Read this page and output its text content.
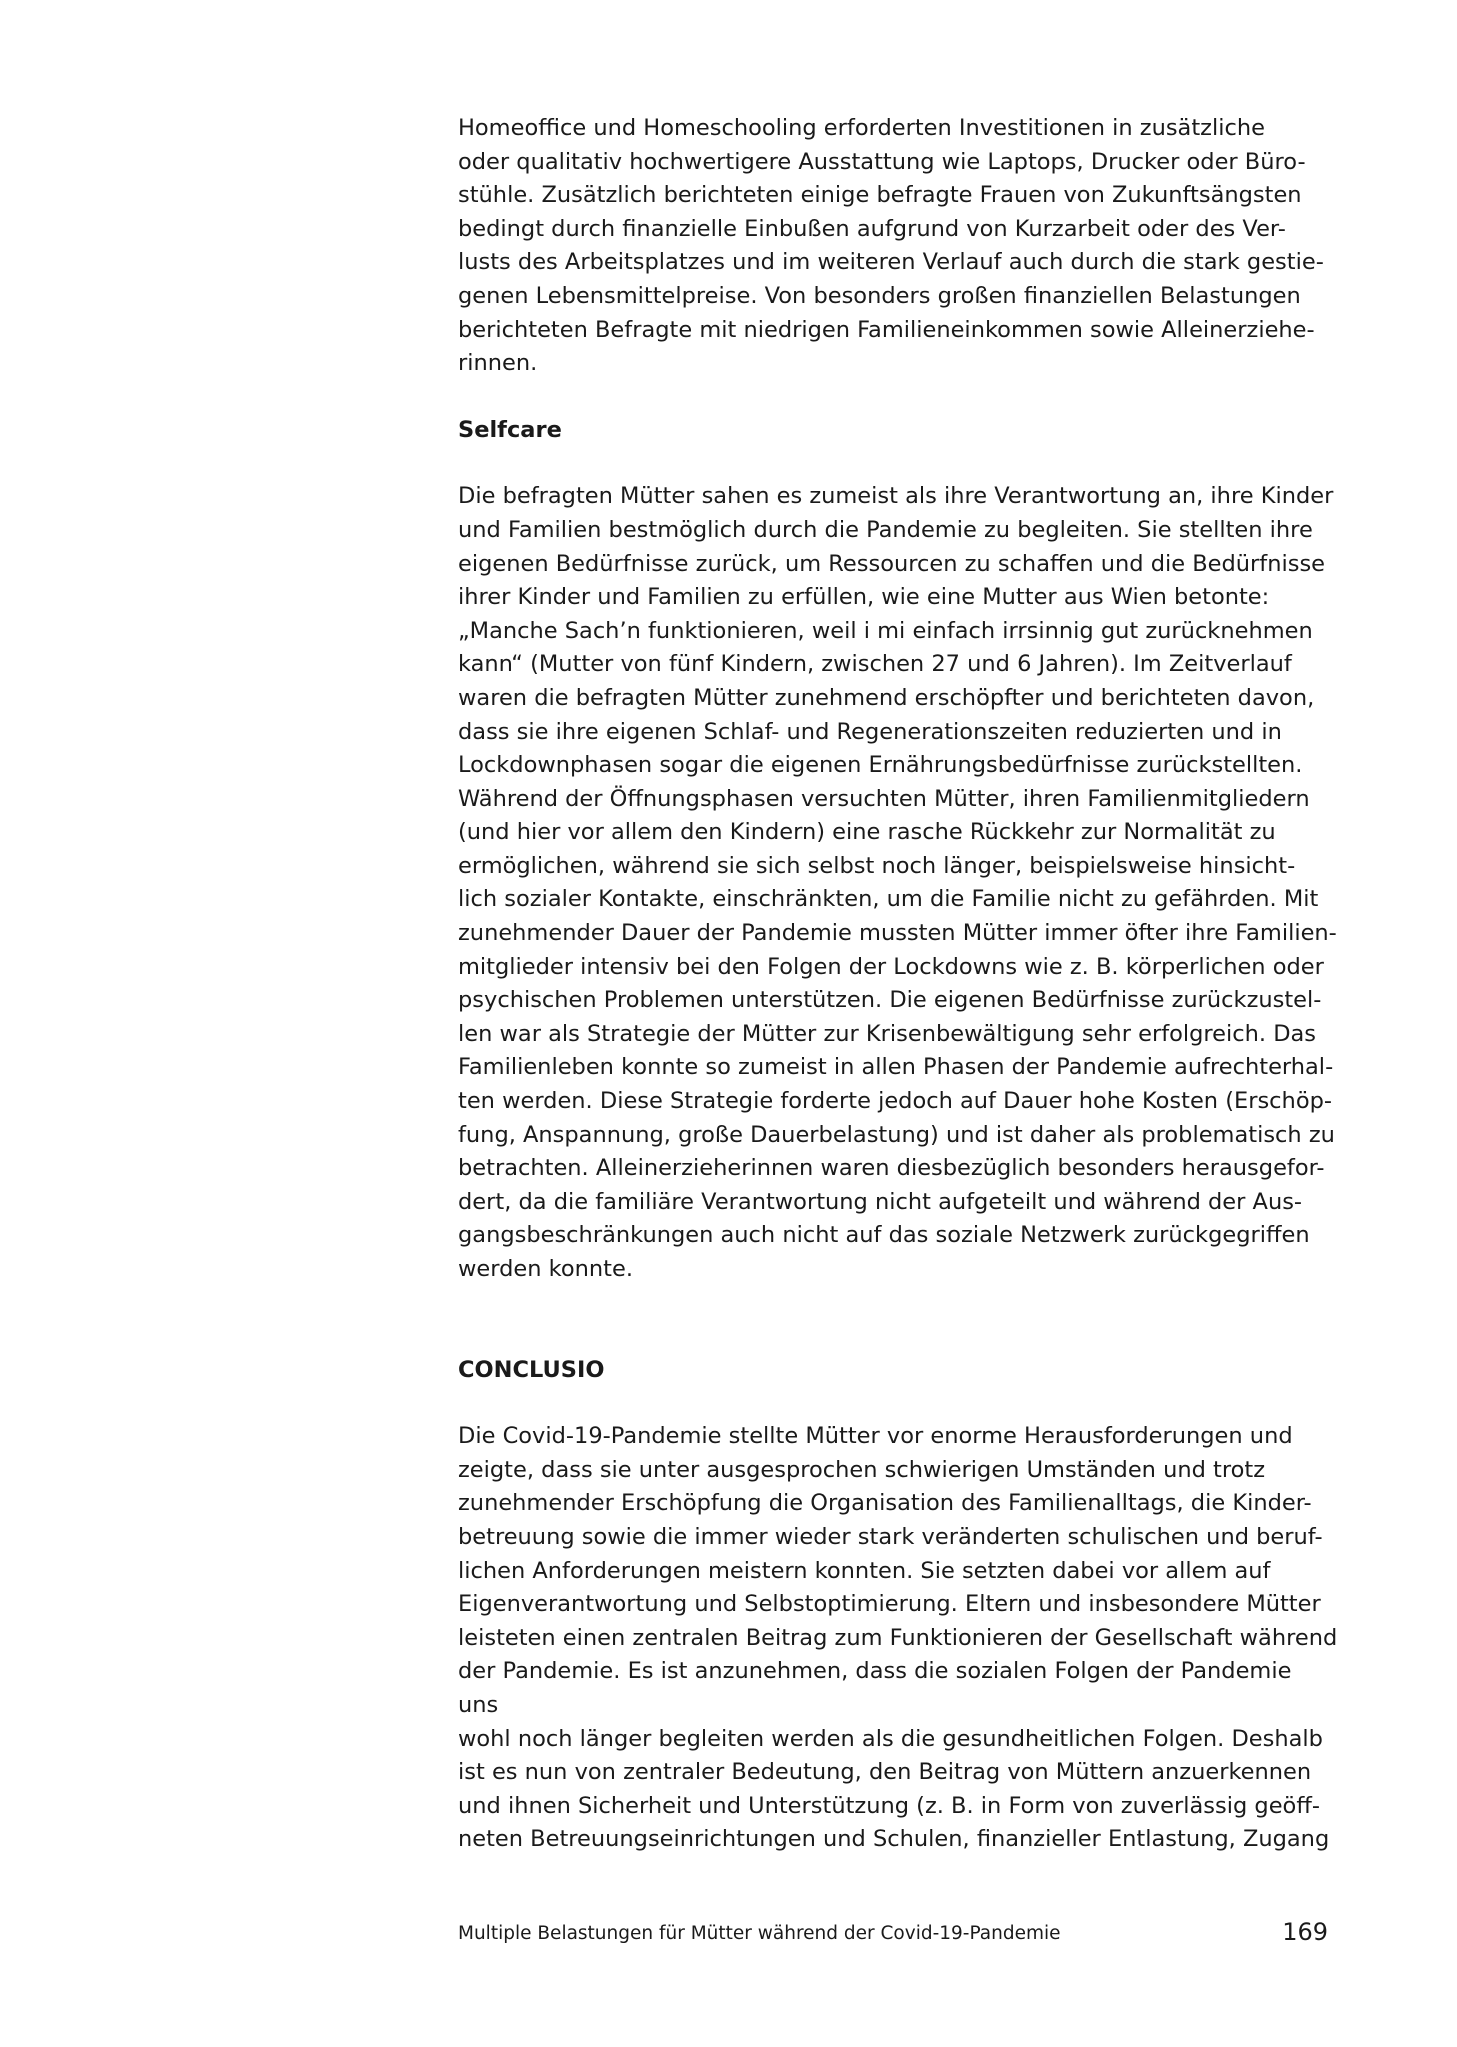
Homeoffice und Homeschooling erforderten Investitionen in zusätzliche
oder qualitativ hochwertigere Ausstattung wie Laptops, Drucker oder Büro-
stühle. Zusätzlich berichteten einige befragte Frauen von Zukunftsängsten
bedingt durch finanzielle Einbußen aufgrund von Kurzarbeit oder des Ver-
lusts des Arbeitsplatzes und im weiteren Verlauf auch durch die stark gestie-
genen Lebensmittelpreise. Von besonders großen finanziellen Belastungen
berichteten Befragte mit niedrigen Familieneinkommen sowie Alleinerziehe-
rinnen.

Selfcare

Die befragten Mütter sahen es zumeist als ihre Verantwortung an, ihre Kinder
und Familien bestmöglich durch die Pandemie zu begleiten. Sie stellten ihre
eigenen Bedürfnisse zurück, um Ressourcen zu schaffen und die Bedürfnisse
ihrer Kinder und Familien zu erfüllen, wie eine Mutter aus Wien betonte:
„Manche Sach’n funktionieren, weil i mi einfach irrsinnig gut zurücknehmen
kann“ (Mutter von fünf Kindern, zwischen 27 und 6 Jahren). Im Zeitverlauf
waren die befragten Mütter zunehmend erschöpfter und berichteten davon,
dass sie ihre eigenen Schlaf- und Regenerationszeiten reduzierten und in
Lockdownphasen sogar die eigenen Ernährungsbedürfnisse zurückstellten.
Während der Öffnungsphasen versuchten Mütter, ihren Familienmitgliedern
(und hier vor allem den Kindern) eine rasche Rückkehr zur Normalität zu
ermöglichen, während sie sich selbst noch länger, beispielsweise hinsicht-
lich sozialer Kontakte, einschränkten, um die Familie nicht zu gefährden. Mit
zunehmender Dauer der Pandemie mussten Mütter immer öfter ihre Familien-
mitglieder intensiv bei den Folgen der Lockdowns wie z. B. körperlichen oder
psychischen Problemen unterstützen. Die eigenen Bedürfnisse zurückzustel-
len war als Strategie der Mütter zur Krisenbewältigung sehr erfolgreich. Das
Familienleben konnte so zumeist in allen Phasen der Pandemie aufrechterhal-
ten werden. Diese Strategie forderte jedoch auf Dauer hohe Kosten (Erschöp-
fung, Anspannung, große Dauerbelastung) und ist daher als problematisch zu
betrachten. Alleinerzieherinnen waren diesbezüglich besonders herausgefor-
dert, da die familiäre Verantwortung nicht aufgeteilt und während der Aus-
gangsbeschränkungen auch nicht auf das soziale Netzwerk zurückgegriffen
werden konnte.

CONCLUSIO

Die Covid-19-Pandemie stellte Mütter vor enorme Herausforderungen und
zeigte, dass sie unter ausgesprochen schwierigen Umständen und trotz
zunehmender Erschöpfung die Organisation des Familienalltags, die Kinder-
betreuung sowie die immer wieder stark veränderten schulischen und beruf-
lichen Anforderungen meistern konnten. Sie setzten dabei vor allem auf
Eigenverantwortung und Selbstoptimierung. Eltern und insbesondere Mütter
leisteten einen zentralen Beitrag zum Funktionieren der Gesellschaft während
der Pandemie. Es ist anzunehmen, dass die sozialen Folgen der Pandemie uns
wohl noch länger begleiten werden als die gesundheitlichen Folgen. Deshalb
ist es nun von zentraler Bedeutung, den Beitrag von Müttern anzuerkennen
und ihnen Sicherheit und Unterstützung (z. B. in Form von zuverlässig geöff-
neten Betreuungseinrichtungen und Schulen, finanzieller Entlastung, Zugang

Multiple Belastungen für Mütter während der Covid-19-Pandemie	169
